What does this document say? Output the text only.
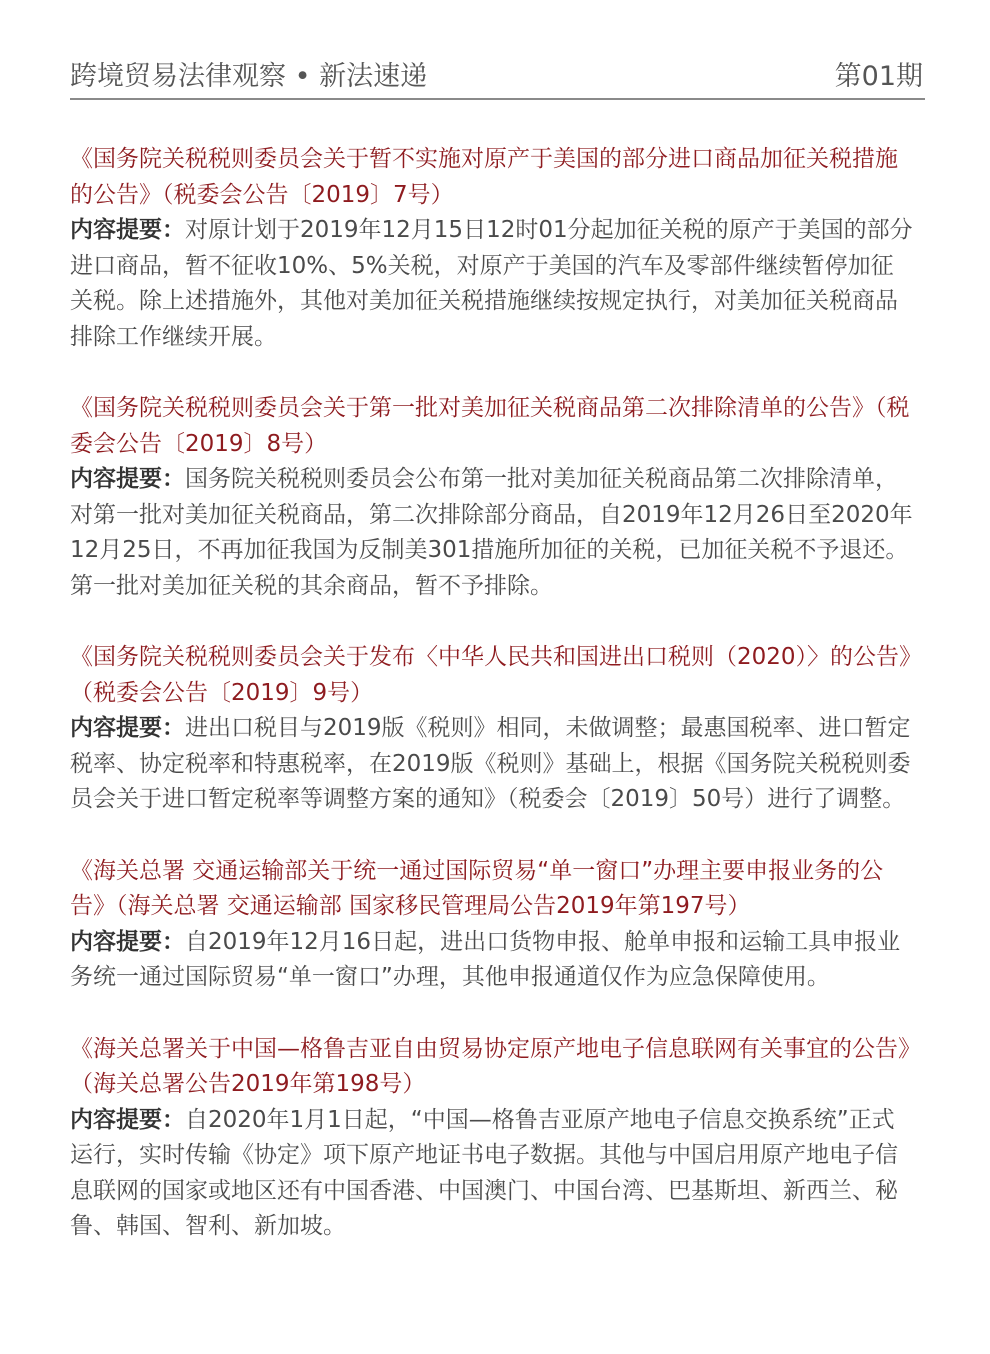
跨境贸易法律观察 • 新法速递	第01期

《国务院关税税则委员会关于暂不实施对原产于美国的部分进口商品加征关税措施的公告》（税委会公告〔2019〕7号）

内容提要：对原计划于2019年12月15日12时01分起加征关税的原产于美国的部分进口商品，暂不征收10%、5%关税，对原产于美国的汽车及零部件继续暂停加征关税。除上述措施外，其他对美加征关税措施继续按规定执行，对美加征关税商品排除工作继续开展。

《国务院关税税则委员会关于第一批对美加征关税商品第二次排除清单的公告》（税委会公告〔2019〕8号）

内容提要：国务院关税税则委员会公布第一批对美加征关税商品第二次排除清单，对第一批对美加征关税商品，第二次排除部分商品，自2019年12月26日至2020年12月25日，不再加征我国为反制美301措施所加征的关税，已加征关税不予退还。第一批对美加征关税的其余商品，暂不予排除。

《国务院关税税则委员会关于发布〈中华人民共和国进出口税则（2020）〉的公告》（税委会公告〔2019〕9号）

内容提要：进出口税目与2019版《税则》相同，未做调整；最惠国税率、进口暂定税率、协定税率和特惠税率，在2019版《税则》基础上，根据《国务院关税税则委员会关于进口暂定税率等调整方案的通知》（税委会〔2019〕50号）进行了调整。

《海关总署 交通运输部关于统一通过国际贸易“单一窗口”办理主要申报业务的公告》（海关总署 交通运输部 国家移民管理局公告2019年第197号）

内容提要：自2019年12月16日起，进出口货物申报、舱单申报和运输工具申报业务统一通过国际贸易“单一窗口”办理，其他申报通道仅作为应急保障使用。

《海关总署关于中国—格鲁吉亚自由贸易协定原产地电子信息联网有关事宜的公告》（海关总署公告2019年第198号）

内容提要：自2020年1月1日起，“中国—格鲁吉亚原产地电子信息交换系统”正式运行，实时传输《协定》项下原产地证书电子数据。其他与中国启用原产地电子信息联网的国家或地区还有中国香港、中国澳门、中国台湾、巴基斯坦、新西兰、秘鲁、韩国、智利、新加坡。
